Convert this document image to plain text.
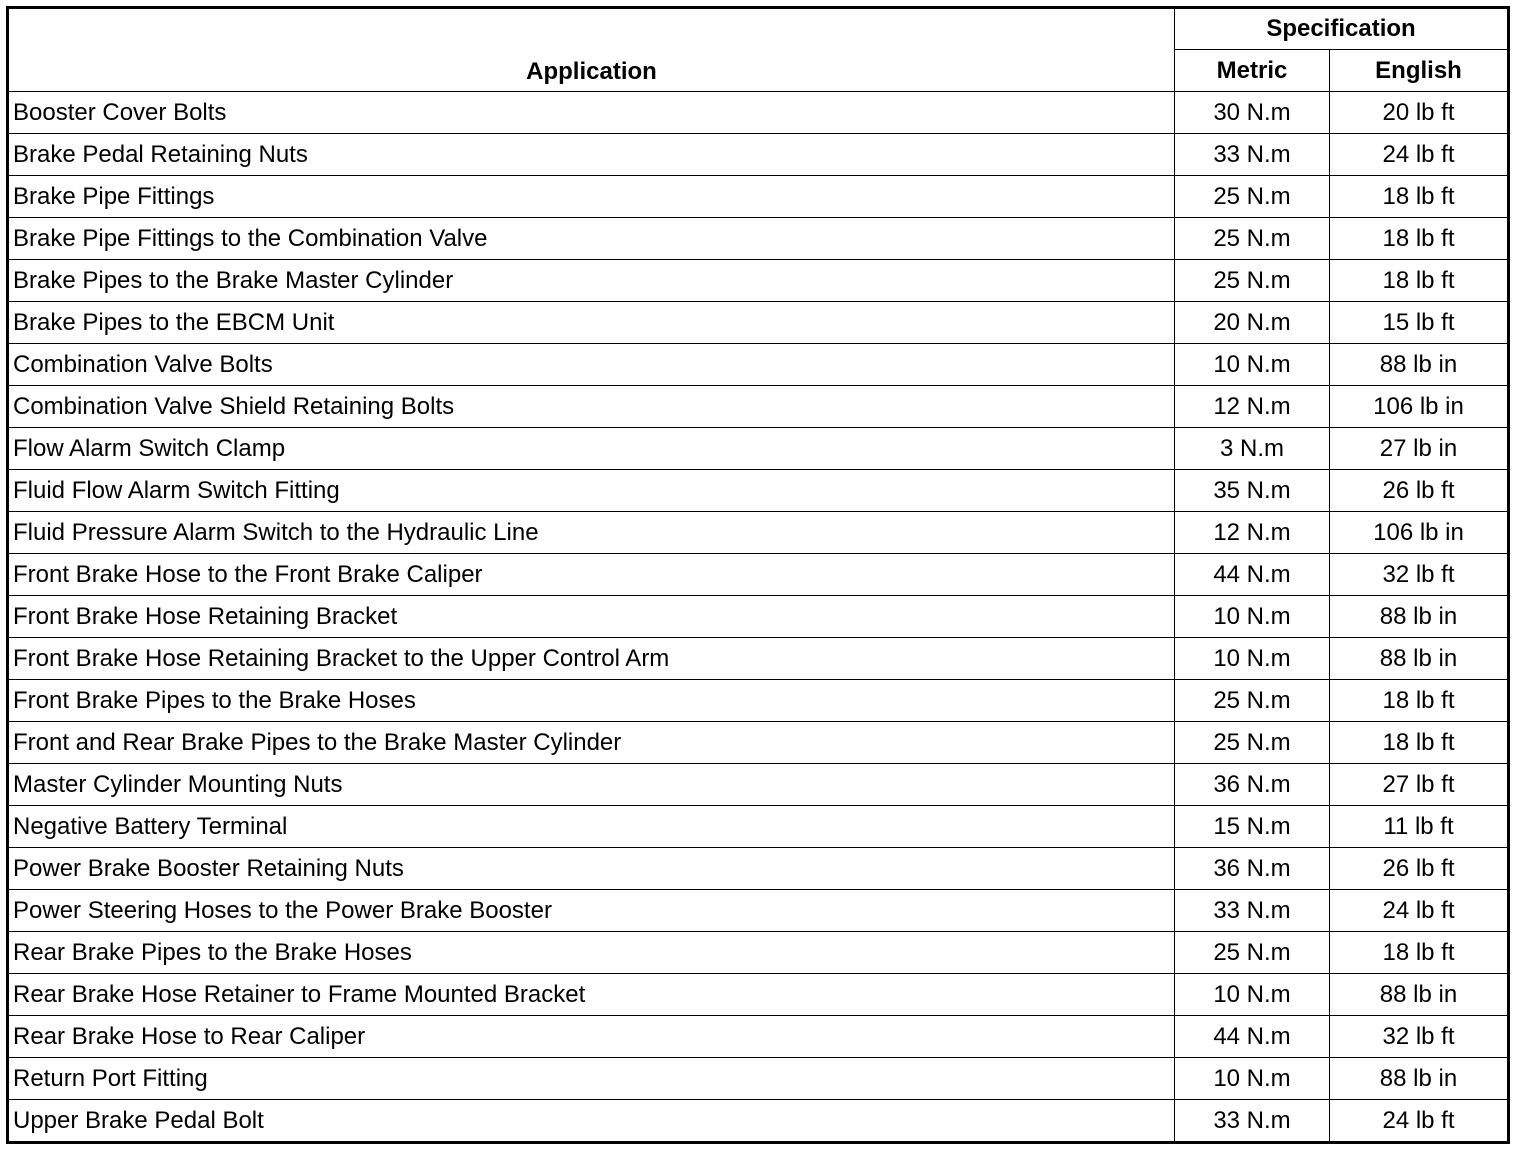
Application	Specification	
	Metric	English
Booster Cover Bolts	30 N.m	20 lb ft
Brake Pedal Retaining Nuts	33 N.m	24 lb ft
Brake Pipe Fittings	25 N.m	18 lb ft
Brake Pipe Fittings to the Combination Valve	25 N.m	18 lb ft
Brake Pipes to the Brake Master Cylinder	25 N.m	18 lb ft
Brake Pipes to the EBCM Unit	20 N.m	15 lb ft
Combination Valve Bolts	10 N.m	88 lb in
Combination Valve Shield Retaining Bolts	12 N.m	106 lb in
Flow Alarm Switch Clamp	3 N.m	27 lb in
Fluid Flow Alarm Switch Fitting	35 N.m	26 lb ft
Fluid Pressure Alarm Switch to the Hydraulic Line	12 N.m	106 lb in
Front Brake Hose to the Front Brake Caliper	44 N.m	32 lb ft
Front Brake Hose Retaining Bracket	10 N.m	88 lb in
Front Brake Hose Retaining Bracket to the Upper Control Arm	10 N.m	88 lb in
Front Brake Pipes to the Brake Hoses	25 N.m	18 lb ft
Front and Rear Brake Pipes to the Brake Master Cylinder	25 N.m	18 lb ft
Master Cylinder Mounting Nuts	36 N.m	27 lb ft
Negative Battery Terminal	15 N.m	11 lb ft
Power Brake Booster Retaining Nuts	36 N.m	26 lb ft
Power Steering Hoses to the Power Brake Booster	33 N.m	24 lb ft
Rear Brake Pipes to the Brake Hoses	25 N.m	18 lb ft
Rear Brake Hose Retainer to Frame Mounted Bracket	10 N.m	88 lb in
Rear Brake Hose to Rear Caliper	44 N.m	32 lb ft
Return Port Fitting	10 N.m	88 lb in
Upper Brake Pedal Bolt	33 N.m	24 lb ft
